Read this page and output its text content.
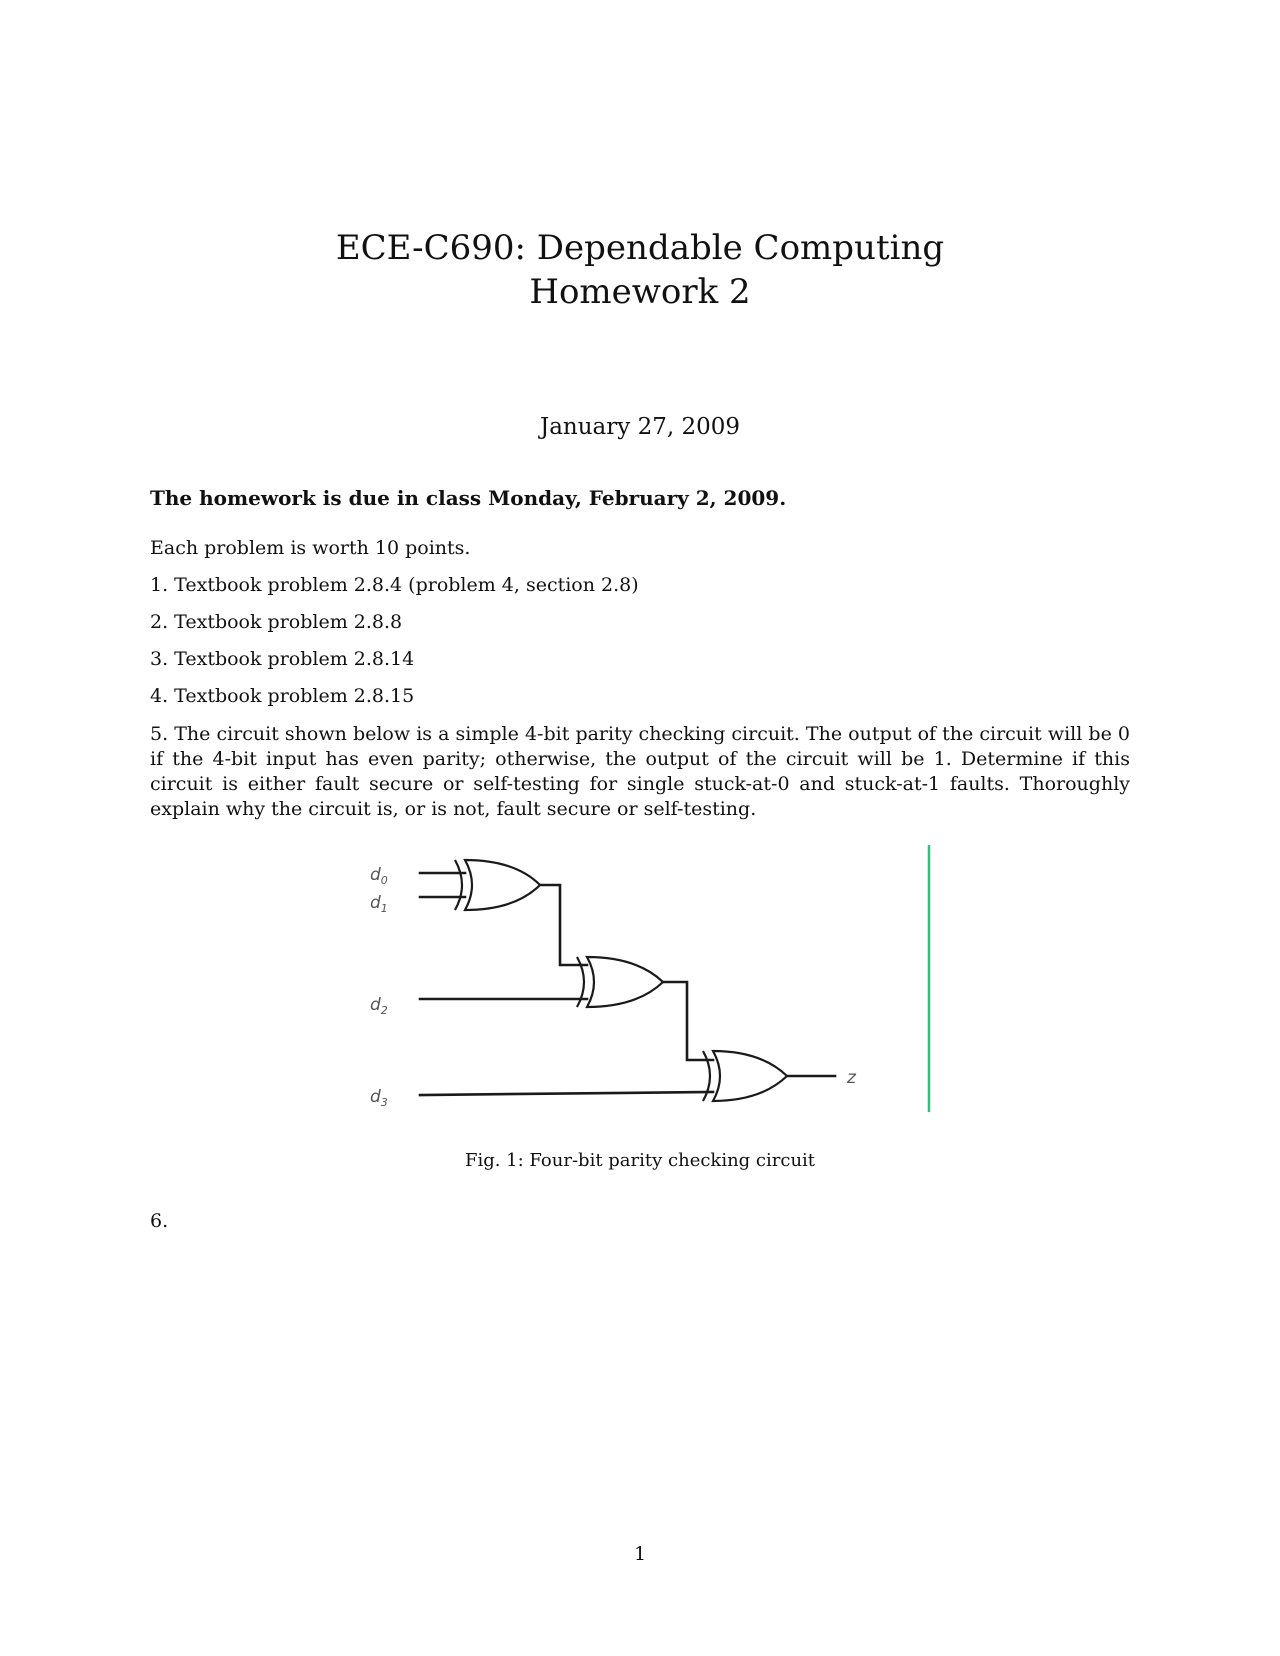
ECE-C690: Dependable Computing
Homework 2
January 27, 2009
The homework is due in class Monday, February 2, 2009.
Each problem is worth 10 points.
1. Textbook problem 2.8.4 (problem 4, section 2.8)
2. Textbook problem 2.8.8
3. Textbook problem 2.8.14
4. Textbook problem 2.8.15
5. The circuit shown below is a simple 4-bit parity checking circuit. The output of the circuit will be 0 if the 4-bit input has even parity; otherwise, the output of the circuit will be 1. Determine if this circuit is either fault secure or self-testing for single stuck-at-0 and stuck-at-1 faults. Thoroughly explain why the circuit is, or is not, fault secure or self-testing.
$d_0$
$d_1$
$d_2$
$d_3$
z
Fig. 1: Four-bit parity checking circuit
6.
1
